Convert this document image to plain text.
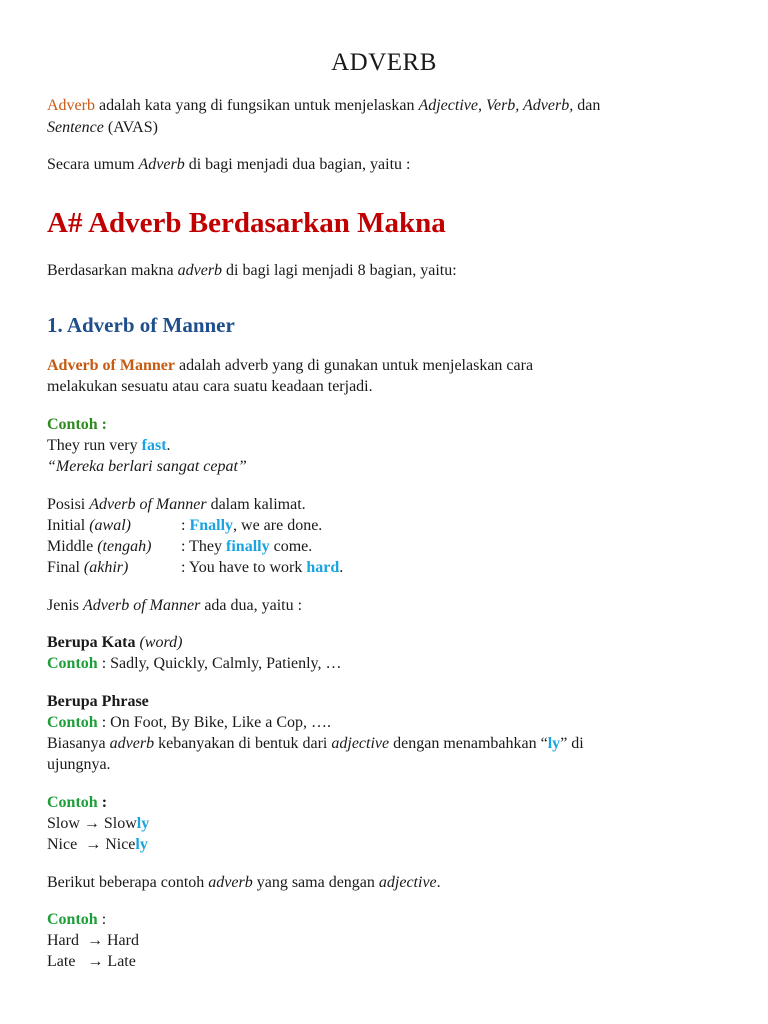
ADVERB
Adverb adalah kata yang di fungsikan untuk menjelaskan Adjective, Verb, Adverb, dan
Sentence (AVAS)
Secara umum Adverb di bagi menjadi dua bagian, yaitu :
A# Adverb Berdasarkan Makna
Berdasarkan makna adverb di bagi lagi menjadi 8 bagian, yaitu:
1. Adverb of Manner
Adverb of Manner adalah adverb yang di gunakan untuk menjelaskan cara
melakukan sesuatu atau cara suatu keadaan terjadi.
Contoh :
They run very fast.
“Mereka berlari sangat cepat”
Posisi Adverb of Manner dalam kalimat.
Initial (awal)	: Fnally, we are done.
Middle (tengah) : They finally come.
Final (akhir)	: You have to work hard.
Jenis Adverb of Manner ada dua, yaitu :
Berupa Kata (word)
Contoh : Sadly, Quickly, Calmly, Patienly, …
Berupa Phrase
Contoh : On Foot, By Bike, Like a Cop, ….
Biasanya adverb kebanyakan di bentuk dari adjective dengan menambahkan “ly” di
ujungnya.
Contoh :
Slow → Slowly
Nice  → Nicely
Berikut beberapa contoh adverb yang sama dengan adjective.
Contoh :
Hard  → Hard
Late   → Late
